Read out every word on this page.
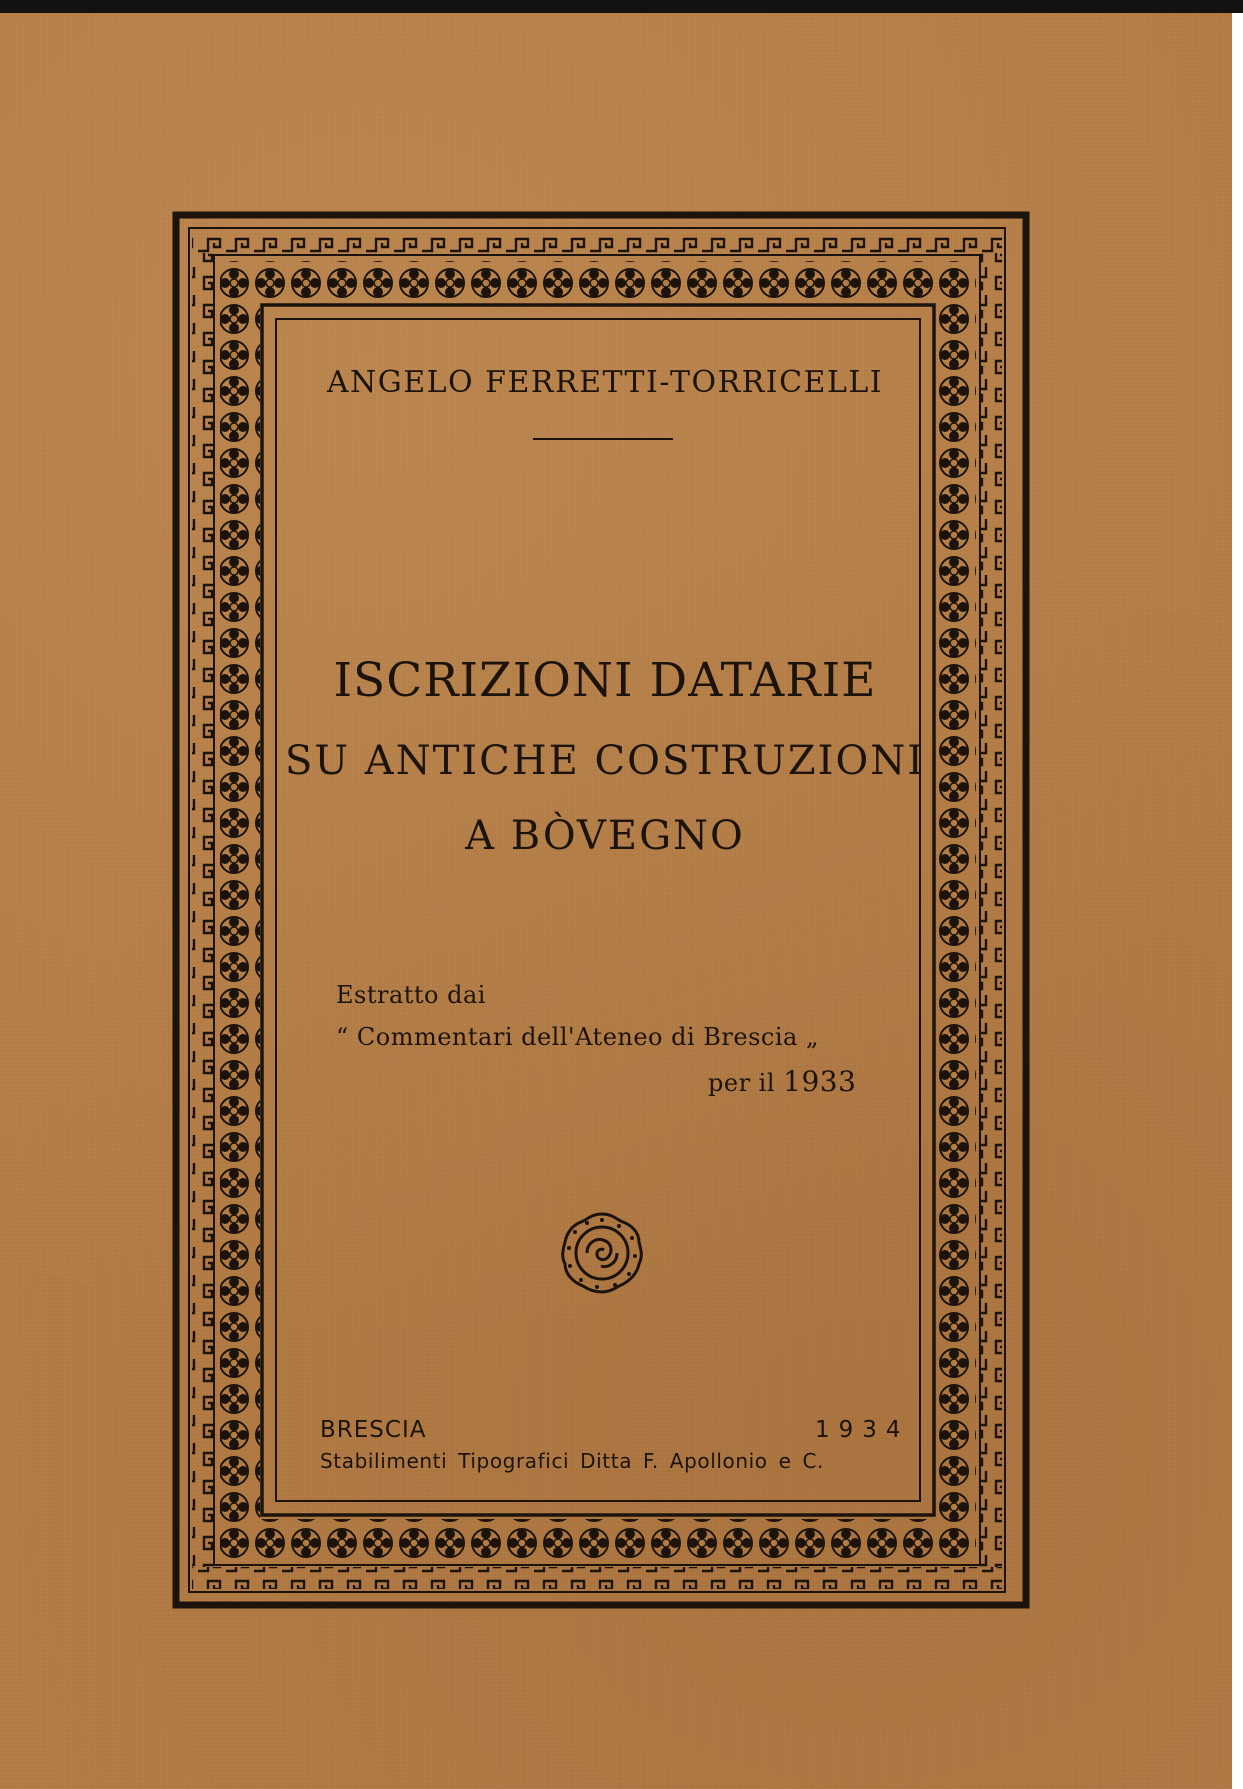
ANGELO FERRETTI-TORRICELLI
ISCRIZIONI DATARIE
SU ANTICHE COSTRUZIONI
A BÒVEGNO
Estratto dai
“ Commentari dell'Ateneo di Brescia „
per il 1933
BRESCIA	1934
Stabilimenti Tipografici Ditta F. Apollonio e C.
